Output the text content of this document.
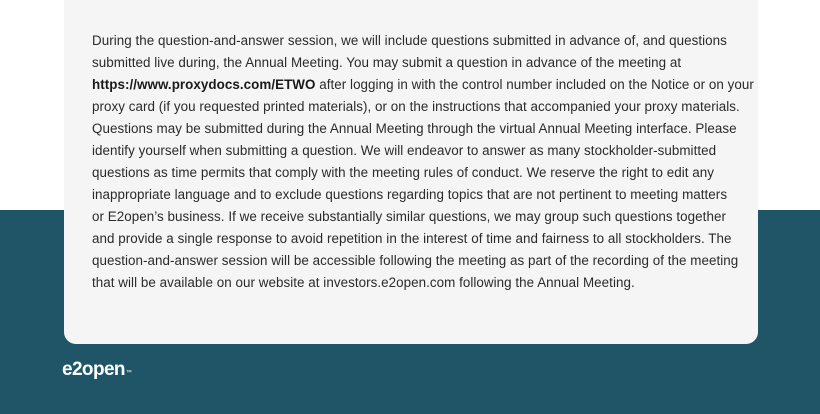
During the question-and-answer session, we will include questions submitted in advance of, and questions
submitted live during, the Annual Meeting. You may submit a question in advance of the meeting at
https://www.proxydocs.com/ETWO after logging in with the control number included on the Notice or on your
proxy card (if you requested printed materials), or on the instructions that accompanied your proxy materials.
Questions may be submitted during the Annual Meeting through the virtual Annual Meeting interface. Please
identify yourself when submitting a question. We will endeavor to answer as many stockholder-submitted
questions as time permits that comply with the meeting rules of conduct. We reserve the right to edit any
inappropriate language and to exclude questions regarding topics that are not pertinent to meeting matters
or E2open’s business. If we receive substantially similar questions, we may group such questions together
and provide a single response to avoid repetition in the interest of time and fairness to all stockholders. The
question-and-answer session will be accessible following the meeting as part of the recording of the meeting
that will be available on our website at investors.e2open.com following the Annual Meeting.

e2open™
